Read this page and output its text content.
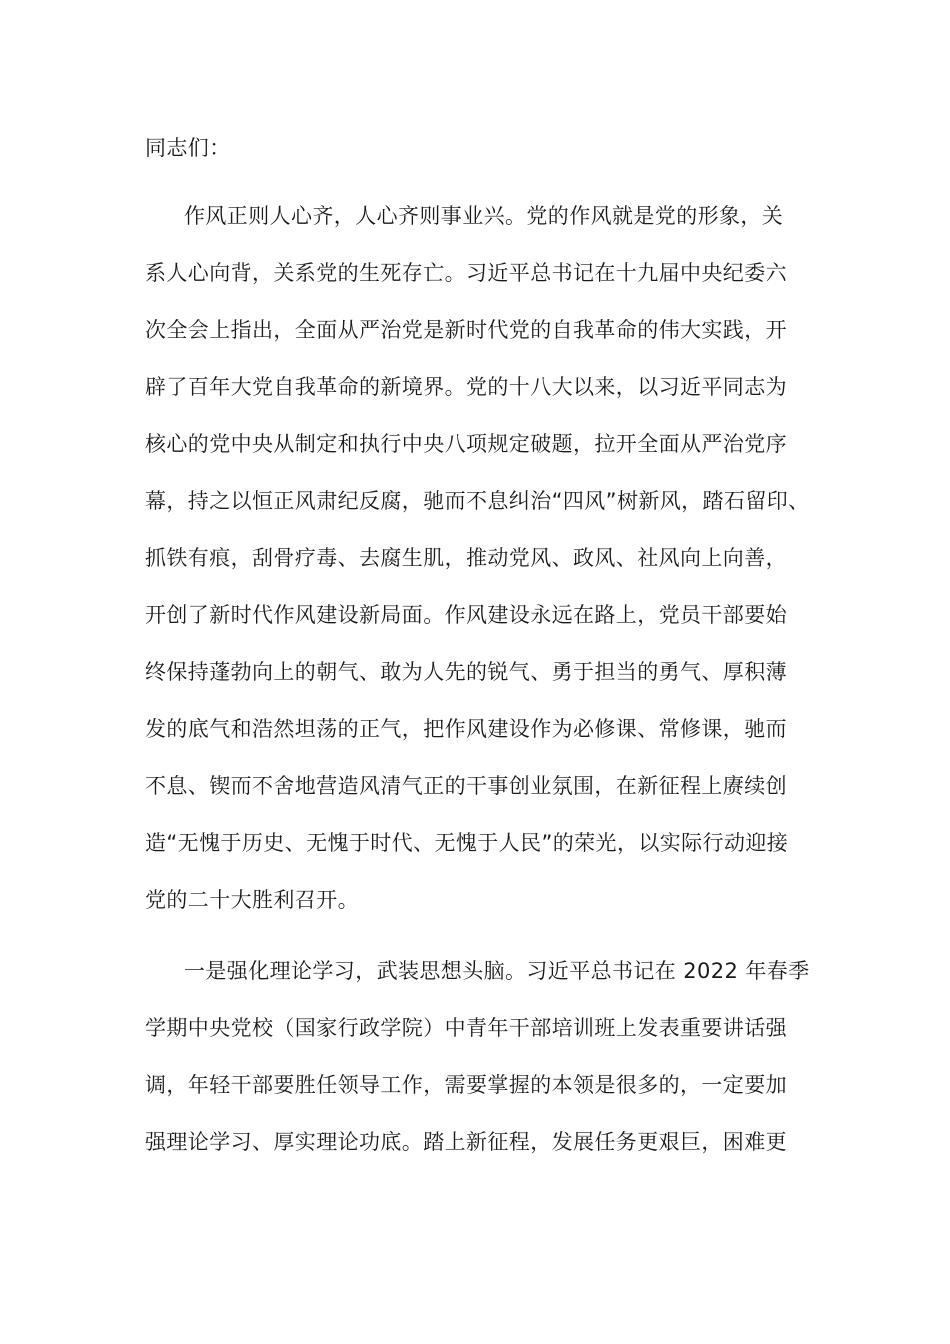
同志们：
作风正则人心齐，人心齐则事业兴。党的作风就是党的形象，关
系人心向背，关系党的生死存亡。习近平总书记在十九届中央纪委六
次全会上指出，全面从严治党是新时代党的自我革命的伟大实践，开
辟了百年大党自我革命的新境界。党的十八大以来，以习近平同志为
核心的党中央从制定和执行中央八项规定破题，拉开全面从严治党序
幕，持之以恒正风肃纪反腐，驰而不息纠治“四风”树新风，踏石留印、
抓铁有痕，刮骨疗毒、去腐生肌，推动党风、政风、社风向上向善，
开创了新时代作风建设新局面。作风建设永远在路上，党员干部要始
终保持蓬勃向上的朝气、敢为人先的锐气、勇于担当的勇气、厚积薄
发的底气和浩然坦荡的正气，把作风建设作为必修课、常修课，驰而
不息、锲而不舍地营造风清气正的干事创业氛围，在新征程上赓续创
造“无愧于历史、无愧于时代、无愧于人民”的荣光，以实际行动迎接
党的二十大胜利召开。
一是强化理论学习，武装思想头脑。习近平总书记在 2022 年春季
学期中央党校（国家行政学院）中青年干部培训班上发表重要讲话强
调，年轻干部要胜任领导工作，需要掌握的本领是很多的，一定要加
强理论学习、厚实理论功底。踏上新征程，发展任务更艰巨，困难更
